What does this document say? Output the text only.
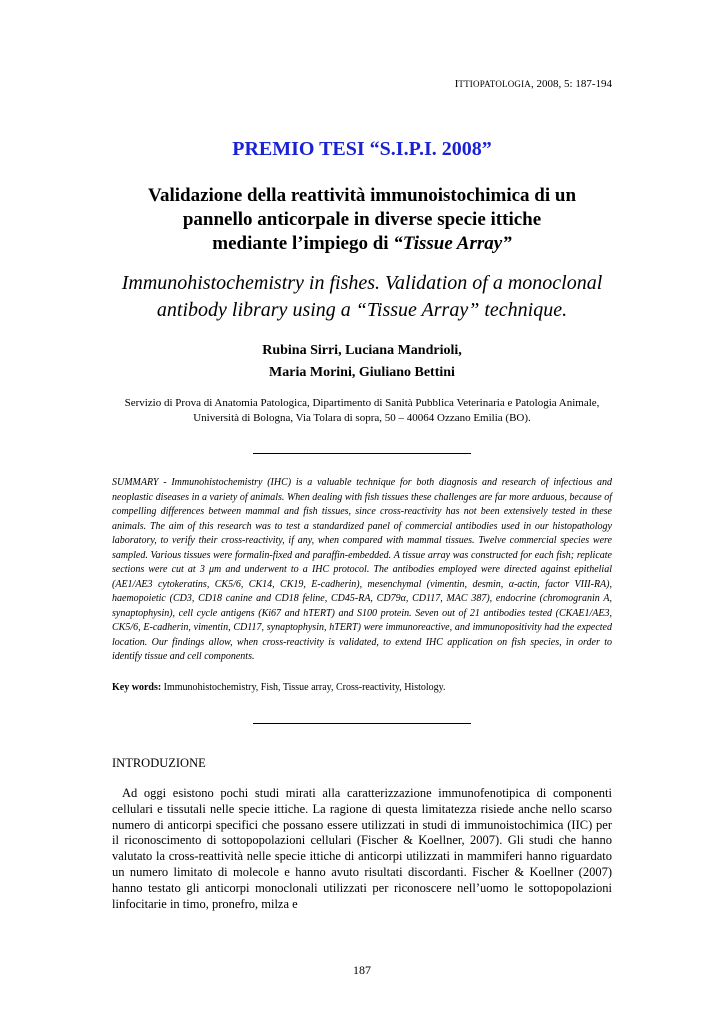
ITTIOPATOLOGIA, 2008, 5: 187-194
PREMIO TESI “S.I.P.I. 2008”
Validazione della reattività immunoistochimica di un
pannello anticorpale in diverse specie ittiche
mediante l’impiego di “Tissue Array”
Immunohistochemistry in fishes. Validation of a monoclonal
antibody library using a “Tissue Array” technique.
Rubina Sirri, Luciana Mandrioli,
Maria Morini, Giuliano Bettini
Servizio di Prova di Anatomia Patologica, Dipartimento di Sanità Pubblica Veterinaria e Patologia Animale,
Università di Bologna, Via Tolara di sopra, 50 – 40064 Ozzano Emilia (BO).
SUMMARY - Immunohistochemistry (IHC) is a valuable technique for both diagnosis and research of infectious and neoplastic diseases in a variety of animals. When dealing with fish tissues these challenges are far more arduous, because of compelling differences between mammal and fish tissues, since cross-reactivity has not been extensively tested in these animals. The aim of this research was to test a standardized panel of commercial antibodies used in our histopathology laboratory, to verify their cross-reactivity, if any, when compared with mammal tissues. Twelve commercial species were sampled. Various tissues were formalin-fixed and paraffin-embedded. A tissue array was constructed for each fish; replicate sections were cut at 3 μm and underwent to a IHC protocol. The antibodies employed were directed against epithelial (AE1/AE3 cytokeratins, CK5/6, CK14, CK19, E-cadherin), mesenchymal (vimentin, desmin, α-actin, factor VIII-RA), haemopoietic (CD3, CD18 canine and CD18 feline, CD45-RA, CD79α, CD117, MAC 387), endocrine (chromogranin A, synaptophysin), cell cycle antigens (Ki67 and hTERT) and S100 protein. Seven out of 21 antibodies tested (CKAE1/AE3, CK5/6, E-cadherin, vimentin, CD117, synaptophysin, hTERT) were immunoreactive, and immunopositivity had the expected location. Our findings allow, when cross-reactivity is validated, to extend IHC application on fish species, in order to identify tissue and cell components.
Key words: Immunohistochemistry, Fish, Tissue array, Cross-reactivity, Histology.
INTRODUZIONE
Ad oggi esistono pochi studi mirati alla caratterizzazione immunofenotipica di componenti cellulari e tissutali nelle specie ittiche. La ragione di questa limitatezza risiede anche nello scarso numero di anticorpi specifici che possano essere utilizzati in studi di immunoistochimica (IIC) per il riconoscimento di sottopopolazioni cellulari (Fischer & Koellner, 2007). Gli studi che hanno valutato la cross-reattività nelle specie ittiche di anticorpi utilizzati in mammiferi hanno riguardato un numero limitato di molecole e hanno avuto risultati discordanti. Fischer & Koellner (2007) hanno testato gli anticorpi monoclonali utilizzati per riconoscere nell’uomo le sottopopolazioni linfocitarie in timo, pronefro, milza e
187
